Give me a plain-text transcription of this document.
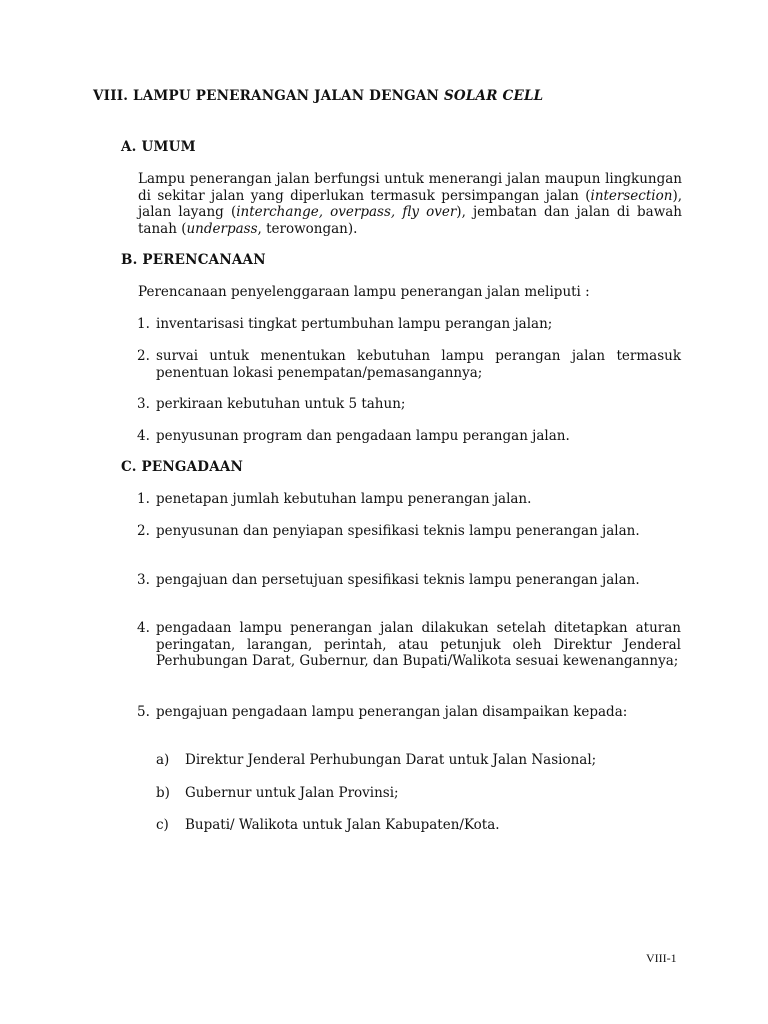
VIII. LAMPU PENERANGAN JALAN DENGAN SOLAR CELL
A. UMUM
Lampu penerangan jalan berfungsi untuk menerangi jalan maupun lingkungan di sekitar jalan yang diperlukan termasuk persimpangan jalan (intersection), jalan layang (interchange, overpass, fly over), jembatan dan jalan di bawah tanah (underpass, terowongan).
B. PERENCANAAN
Perencanaan penyelenggaraan lampu penerangan jalan meliputi :
1. inventarisasi tingkat pertumbuhan lampu perangan jalan;
2. survai untuk menentukan kebutuhan lampu perangan jalan termasuk penentuan lokasi penempatan/pemasangannya;
3. perkiraan kebutuhan untuk 5 tahun;
4. penyusunan program dan pengadaan lampu perangan jalan.
C. PENGADAAN
1. penetapan jumlah kebutuhan lampu penerangan jalan.
2. penyusunan dan penyiapan spesifikasi teknis lampu penerangan jalan.
3. pengajuan dan persetujuan spesifikasi teknis lampu penerangan jalan.
4. pengadaan lampu penerangan jalan dilakukan setelah ditetapkan aturan peringatan, larangan, perintah, atau petunjuk oleh Direktur Jenderal Perhubungan Darat, Gubernur, dan Bupati/Walikota sesuai kewenangannya;
5. pengajuan pengadaan lampu penerangan jalan disampaikan kepada:
a) Direktur Jenderal Perhubungan Darat untuk Jalan Nasional;
b) Gubernur untuk Jalan Provinsi;
c) Bupati/ Walikota untuk Jalan Kabupaten/Kota.
VIII-1
